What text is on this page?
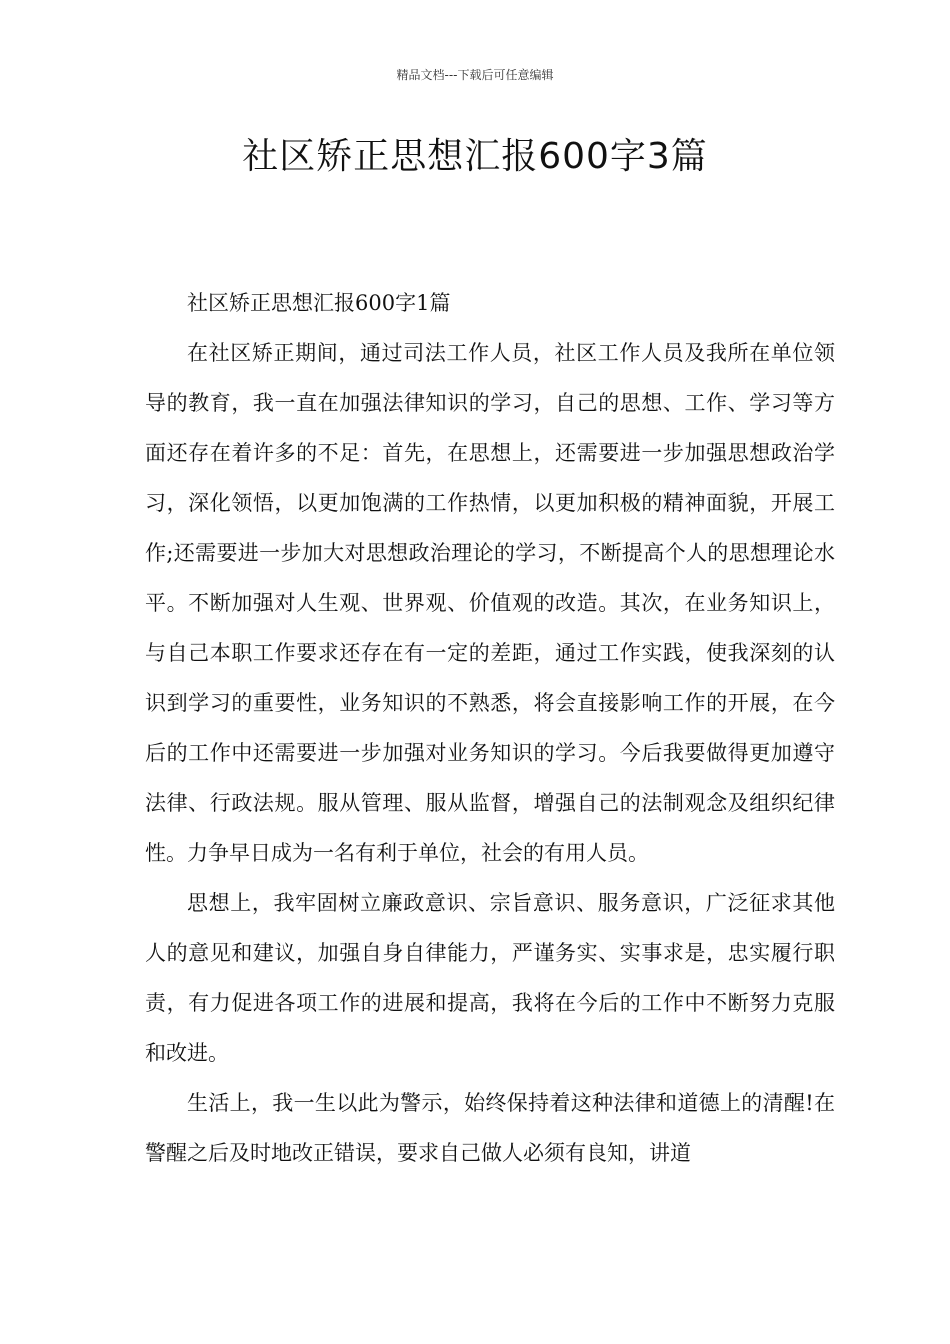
精品文档---下载后可任意编辑
社区矫正思想汇报600字3篇

社区矫正思想汇报600字1篇

在社区矫正期间，通过司法工作人员，社区工作人员及我所在单位领导的教育，我一直在加强法律知识的学习，自己的思想、工作、学习等方面还存在着许多的不足：首先，在思想上，还需要进一步加强思想政治学习，深化领悟，以更加饱满的工作热情，以更加积极的精神面貌，开展工作;还需要进一步加大对思想政治理论的学习，不断提高个人的思想理论水平。不断加强对人生观、世界观、价值观的改造。其次，在业务知识上，与自己本职工作要求还存在有一定的差距，通过工作实践，使我深刻的认识到学习的重要性，业务知识的不熟悉，将会直接影响工作的开展，在今后的工作中还需要进一步加强对业务知识的学习。今后我要做得更加遵守法律、行政法规。服从管理、服从监督，增强自己的法制观念及组织纪律性。力争早日成为一名有利于单位，社会的有用人员。

思想上，我牢固树立廉政意识、宗旨意识、服务意识，广泛征求其他人的意见和建议，加强自身自律能力，严谨务实、实事求是，忠实履行职责，有力促进各项工作的进展和提高，我将在今后的工作中不断努力克服和改进。

生活上，我一生以此为警示，始终保持着这种法律和道德上的清醒!在警醒之后及时地改正错误，要求自己做人必须有良知，讲道
